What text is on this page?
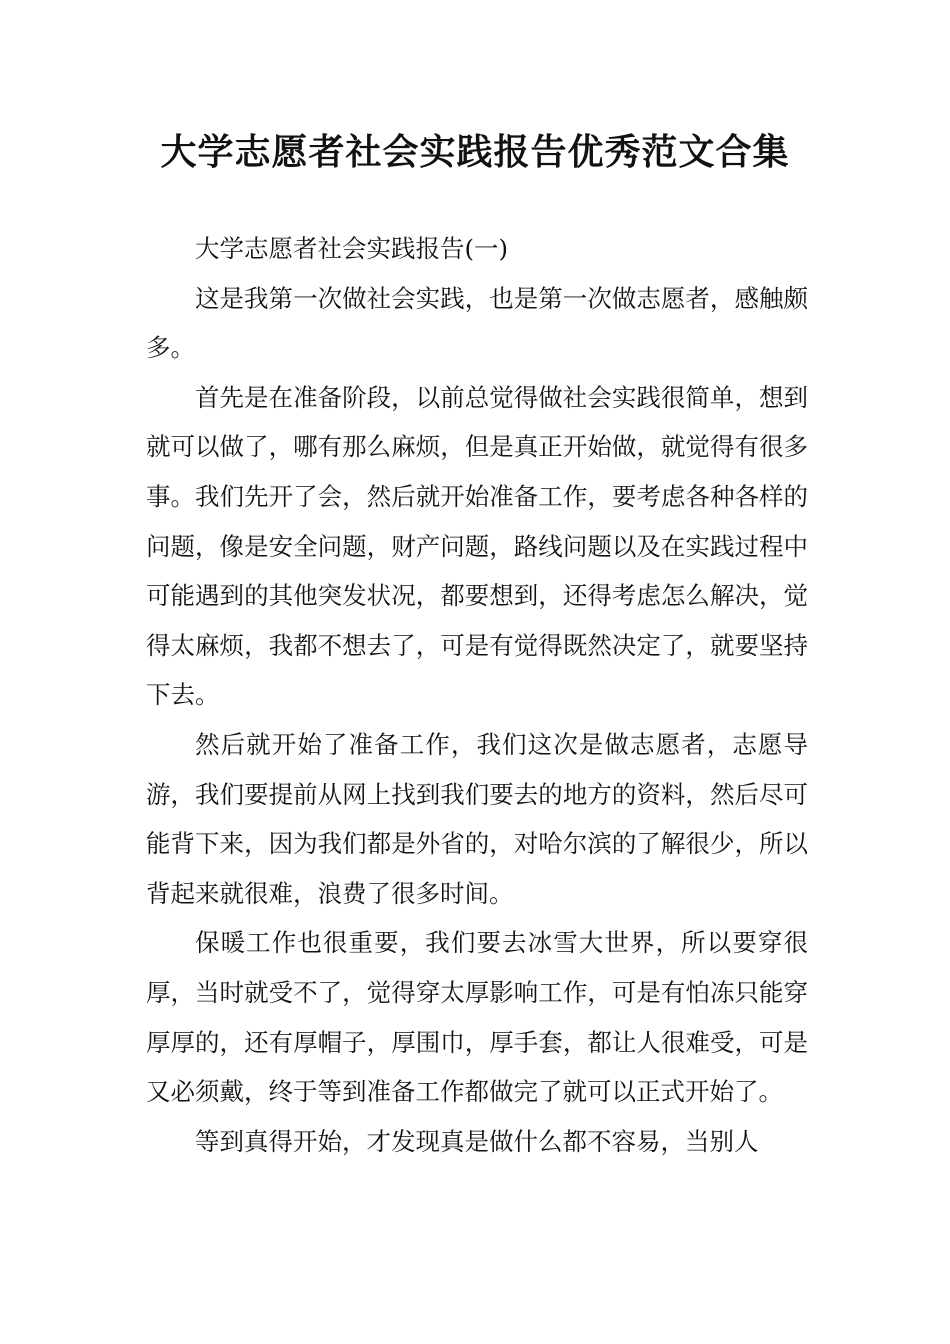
大学志愿者社会实践报告优秀范文合集

大学志愿者社会实践报告(一)

这是我第一次做社会实践，也是第一次做志愿者，感触颇多。

首先是在准备阶段，以前总觉得做社会实践很简单，想到就可以做了，哪有那么麻烦，但是真正开始做，就觉得有很多事。我们先开了会，然后就开始准备工作，要考虑各种各样的问题，像是安全问题，财产问题，路线问题以及在实践过程中可能遇到的其他突发状况，都要想到，还得考虑怎么解决，觉得太麻烦，我都不想去了，可是有觉得既然决定了，就要坚持下去。

然后就开始了准备工作，我们这次是做志愿者，志愿导游，我们要提前从网上找到我们要去的地方的资料，然后尽可能背下来，因为我们都是外省的，对哈尔滨的了解很少，所以背起来就很难，浪费了很多时间。

保暖工作也很重要，我们要去冰雪大世界，所以要穿很厚，当时就受不了，觉得穿太厚影响工作，可是有怕冻只能穿厚厚的，还有厚帽子，厚围巾，厚手套，都让人很难受，可是又必须戴，终于等到准备工作都做完了就可以正式开始了。

等到真得开始，才发现真是做什么都不容易，当别人
